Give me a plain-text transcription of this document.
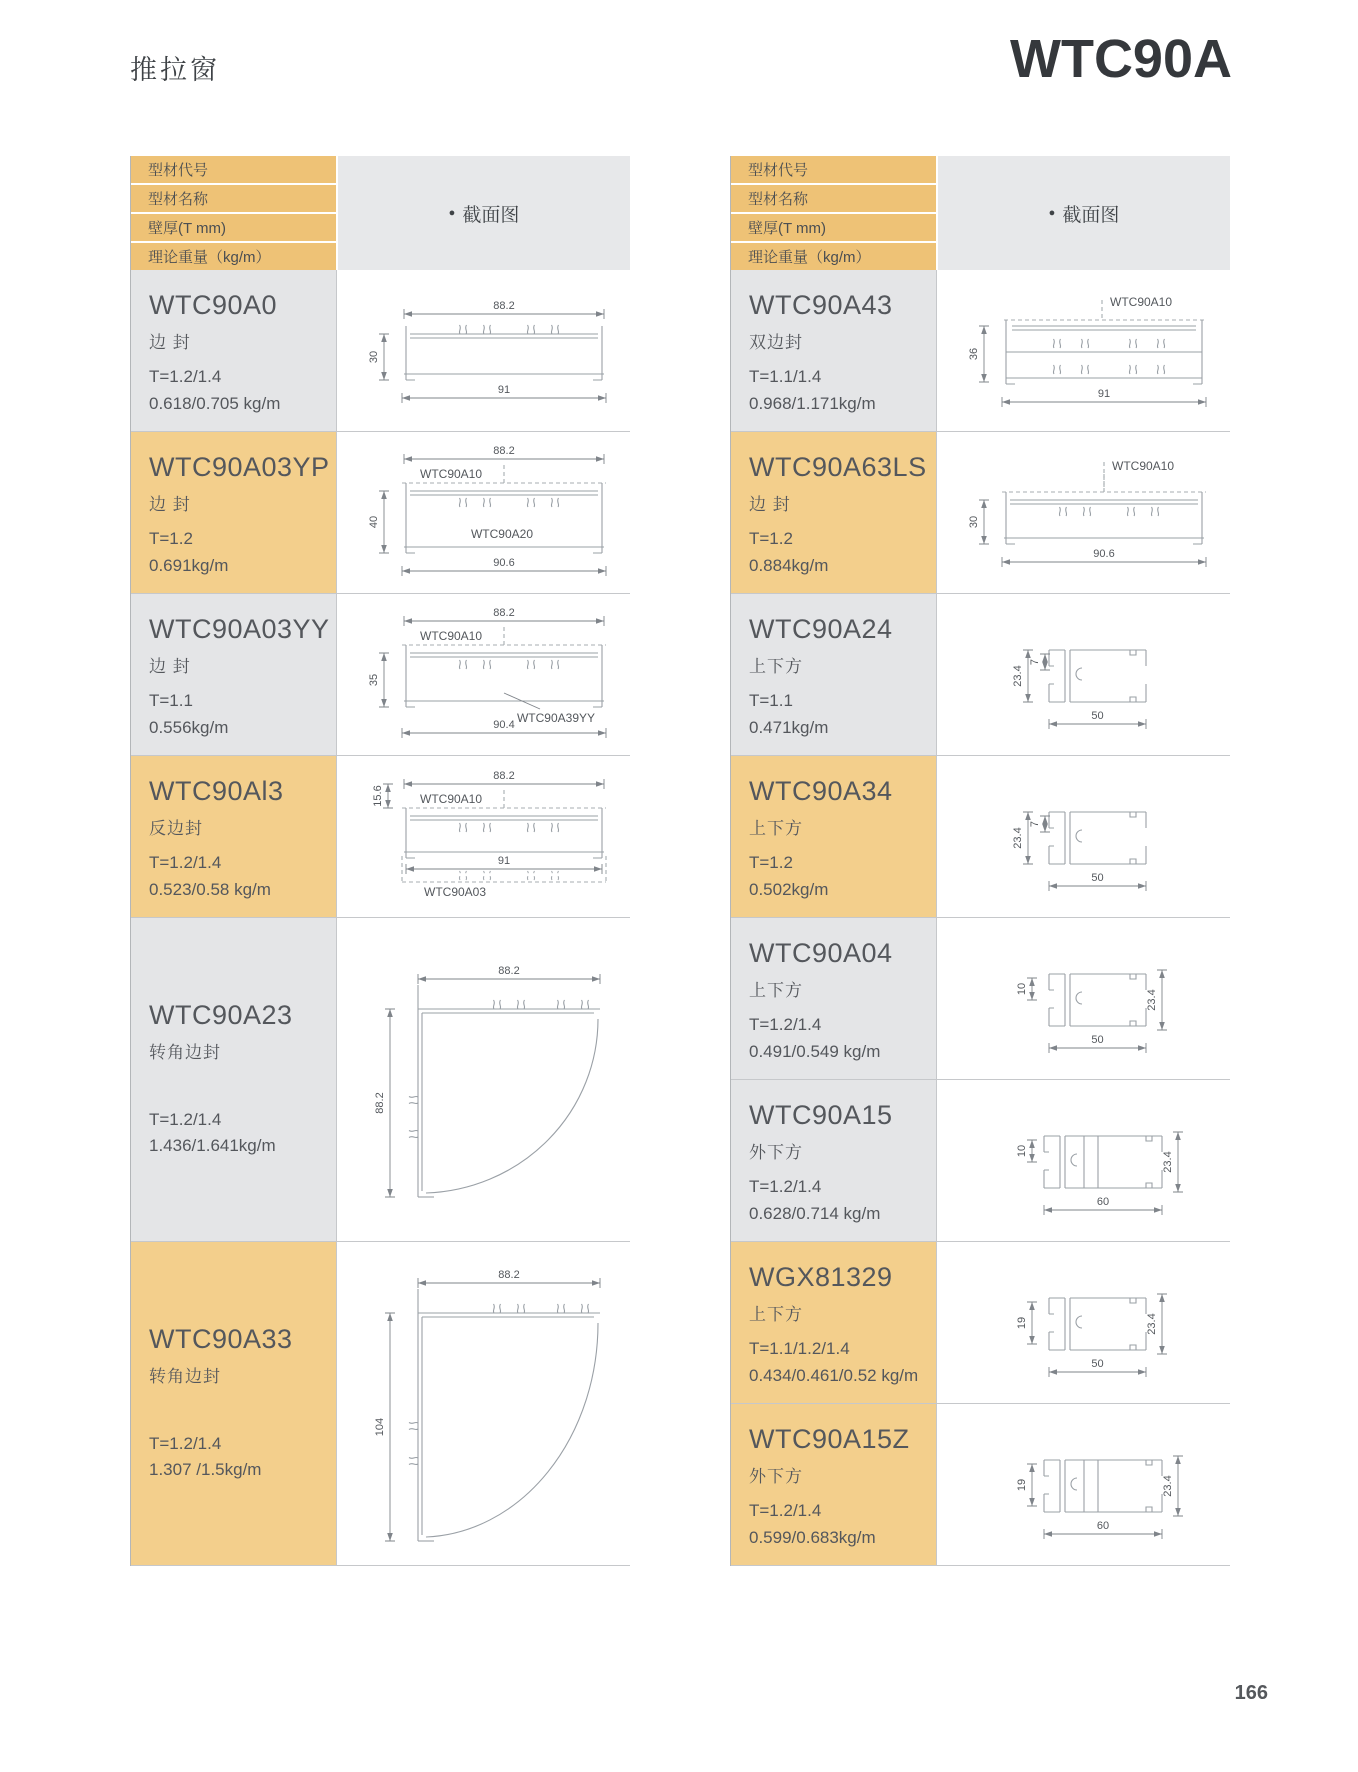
推拉窗	WTC90A
型材代号
型材名称
壁厚(T mm)
理论重量（kg/m）
● 截面图
WTC90A0
边 封
T=1.2/1.4
0.618/0.705 kg/m
88.2
30
91
WTC90A03YP
边 封
T=1.2
0.691kg/m
88.2
WTC90A10
WTC90A20
40
90.6
WTC90A03YY
边 封
T=1.1
0.556kg/m
88.2
WTC90A10
WTC90A39YY
35
90.4
WTC90Al3
反边封
T=1.2/1.4
0.523/0.58 kg/m
88.2
15.6	WTC90A10
91
WTC90A03
WTC90A23
转角边封
T=1.2/1.4
1.436/1.641kg/m
88.2
88.2
WTC90A33
转角边封
T=1.2/1.4
1.307 /1.5kg/m
88.2
104
型材代号
型材名称
壁厚(T mm)
理论重量（kg/m）
● 截面图
WTC90A43
双边封
T=1.1/1.4
0.968/1.171kg/m
WTC90A10
36
91
WTC90A63LS
边 封
T=1.2
0.884kg/m
WTC90A10
30
90.6
WTC90A24
上下方
T=1.1
0.471kg/m
23.4
7
50
WTC90A34
上下方
T=1.2
0.502kg/m
23.4
7
50
WTC90A04
上下方
T=1.2/1.4
0.491/0.549 kg/m
10
23.4
50
WTC90A15
外下方
T=1.2/1.4
0.628/0.714 kg/m
10
23.4
60
WGX81329
上下方
T=1.1/1.2/1.4
0.434/0.461/0.52 kg/m
19	23.4
50
WTC90A15Z
外下方
T=1.2/1.4
0.599/0.683kg/m
19	23.4
60
166
